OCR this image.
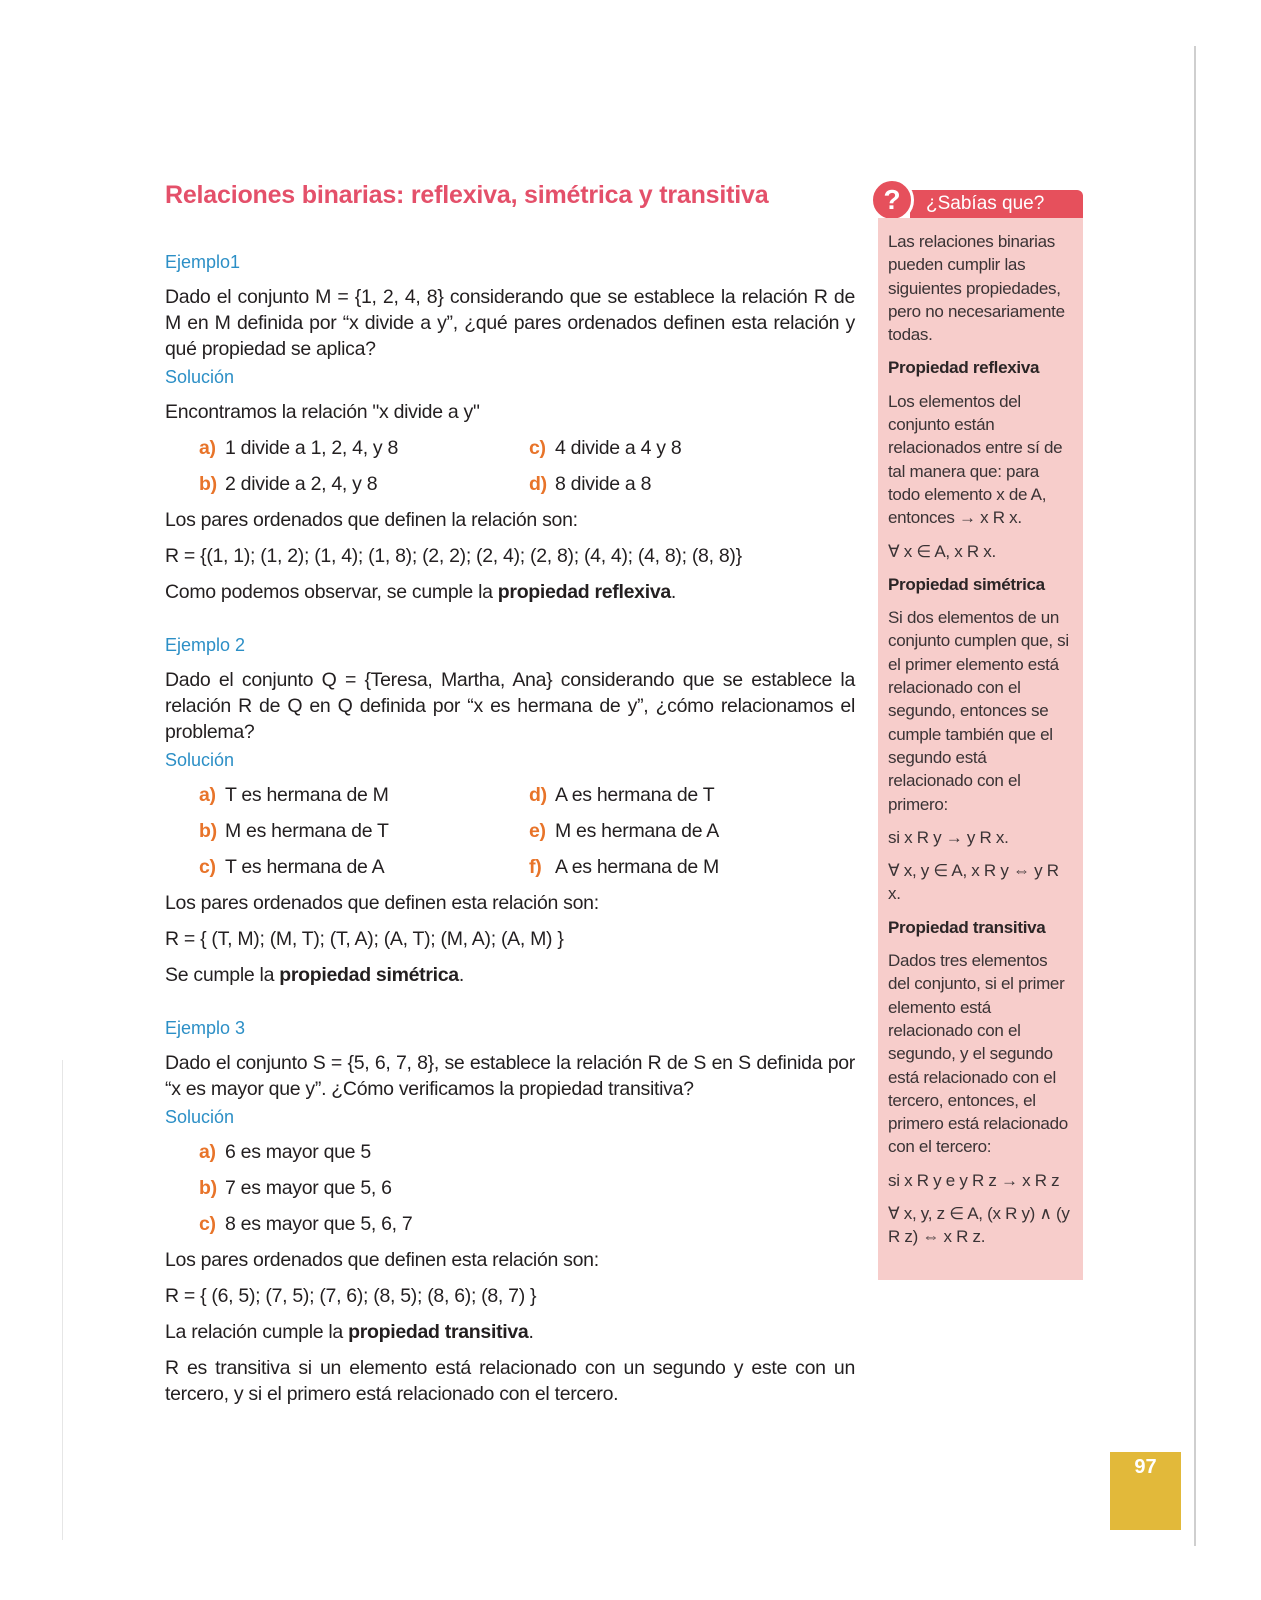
Relaciones binarias: reflexiva, simétrica y transitiva
Ejemplo1

Dado el conjunto M = {1, 2, 4, 8} considerando que se establece la relación R de M en M definida por “x divide a y”, ¿qué pares ordenados definen esta relación y qué propiedad se aplica?

Solución

Encontramos la relación "x divide a y"

a) 1 divide a 1, 2, 4, y 8	c) 4 divide a 4 y 8
b) 2 divide a 2, 4, y 8	d) 8 divide a 8

Los pares ordenados que definen la relación son:

R = {(1, 1); (1, 2); (1, 4); (1, 8); (2, 2); (2, 4); (2, 8); (4, 4); (4, 8); (8, 8)}

Como podemos observar, se cumple la propiedad reflexiva.

Ejemplo 2

Dado el conjunto Q = {Teresa, Martha, Ana} considerando que se establece la relación R de Q en Q definida por “x es hermana de y”, ¿cómo relacionamos el problema?

Solución
a) T es hermana de M	d) A es hermana de T
b) M es hermana de T	e) M es hermana de A
c) T es hermana de A	f) A es hermana de M

Los pares ordenados que definen esta relación son:

R = { (T, M); (M, T); (T, A); (A, T); (M, A); (A, M) }

Se cumple la propiedad simétrica.

Ejemplo 3

Dado el conjunto S = {5, 6, 7, 8}, se establece la relación R de S en S definida por “x es mayor que y”. ¿Cómo verificamos la propiedad transitiva?

Solución
a) 6 es mayor que 5
b) 7 es mayor que 5, 6
c) 8 es mayor que 5, 6, 7

Los pares ordenados que definen esta relación son:

R = { (6, 5); (7, 5); (7, 6); (8, 5); (8, 6); (8, 7) }

La relación cumple la propiedad transitiva.

R es transitiva si un elemento está relacionado con un segundo y este con un tercero, y si el primero está relacionado con el tercero.

¿Sabías que?
?

Las relaciones binarias pueden cumplir las siguientes propiedades, pero no necesariamente todas.

Propiedad reflexiva

Los elementos del conjunto están relacionados entre sí de tal manera que: para todo elemento x de A, entonces → x R x.

∀ x ∈ A, x R x.

Propiedad simétrica

Si dos elementos de un conjunto cumplen que, si el primer elemento está relacionado con el segundo, entonces se cumple también que el segundo está relacionado con el primero:

si x R y → y R x.

∀ x, y ∈ A, x R y ⇔ y R x.

Propiedad transitiva

Dados tres elementos del conjunto, si el primer elemento está relacionado con el segundo, y el segundo está relacionado con el tercero, entonces, el primero está relacionado con el tercero:

si x R y e y R z → x R z

∀ x, y, z ∈ A, (x R y) ∧ (y R z) ⇔ x R z.

97
